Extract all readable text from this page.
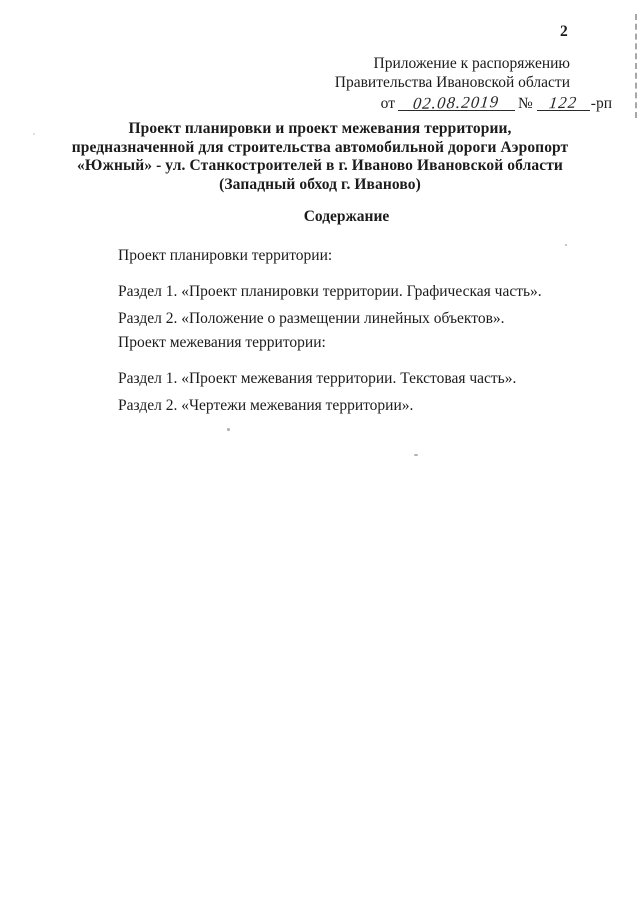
2
Приложение к распоряжению
Правительства Ивановской области
от 02.08.2019 № 122 -рп
Проект планировки и проект межевания территории,
предназначенной для строительства автомобильной дороги Аэропорт
«Южный» - ул. Станкостроителей в г. Иваново Ивановской области
(Западный обход г. Иваново)
Содержание
Проект планировки территории:
Раздел 1. «Проект планировки территории. Графическая часть».
Раздел 2. «Положение о размещении линейных объектов».
Проект межевания территории:
Раздел 1. «Проект межевания территории. Текстовая часть».
Раздел 2. «Чертежи межевания территории».
